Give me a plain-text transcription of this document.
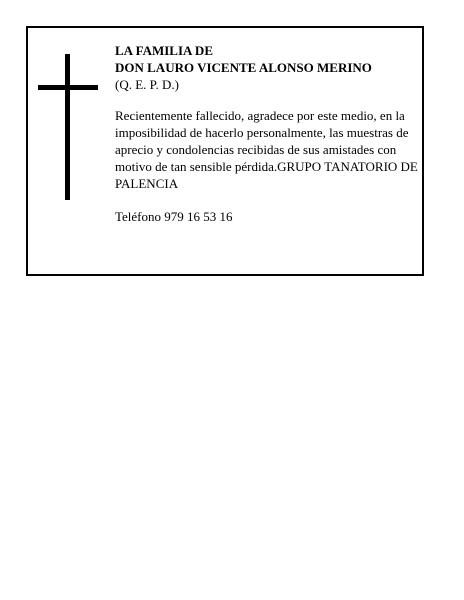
LA FAMILIA DE

DON LAURO VICENTE ALONSO MERINO

(Q. E. P. D.)

Recientemente fallecido, agradece por este medio, en la imposibilidad de hacerlo personalmente, las muestras de aprecio y condolencias recibidas de sus amistades con motivo de tan sensible pérdida.GRUPO TANATORIO DE PALENCIA

Teléfono 979 16 53 16
